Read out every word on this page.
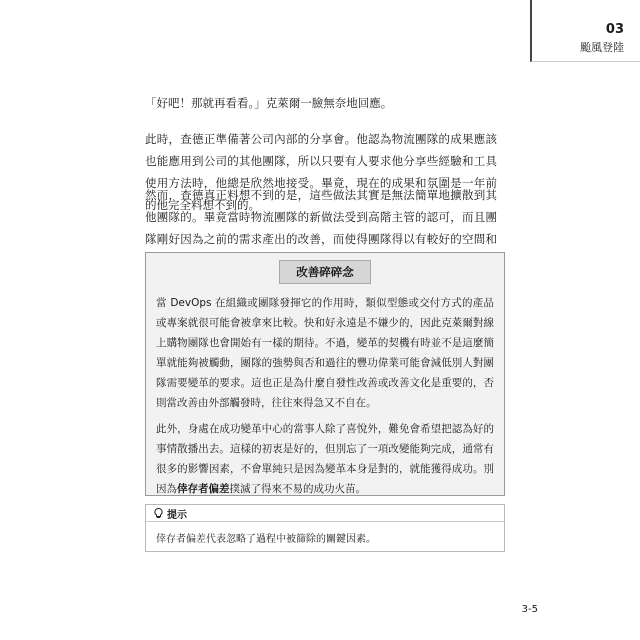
03
颱風登陸
「好吧！那就再看看。」克萊爾一臉無奈地回應。
此時，查德正準備著公司內部的分享會。他認為物流團隊的成果應該也能應用到公司的其他團隊，所以只要有人要求他分享些經驗和工具使用方法時，他總是欣然地接受。畢竟，現在的成果和氛圍是一年前的他完全料想不到的。
然而，查德真正料想不到的是，這些做法其實是無法簡單地擴散到其他團隊的。畢竟當時物流團隊的新做法受到高階主管的認可，而且團隊剛好因為之前的需求產出的改善，而使得團隊得以有較好的空間和
改善碎碎念

當 DevOps 在組織或團隊發揮它的作用時，類似型態或交付方式的產品或專案就很可能會被拿來比較。快和好永遠是不嫌少的，因此克萊爾對線上購物團隊也會開始有一樣的期待。不過，變革的契機有時並不是這麼簡單就能夠被觸動，團隊的強勢與否和過往的豐功偉業可能會減低別人對團隊需要變革的要求。這也正是為什麼自發性改善或改善文化是重要的，否則當改善由外部觸發時，往往來得急又不自在。

此外，身處在成功變革中心的當事人除了喜悅外，難免會希望把認為好的事情散播出去。這樣的初衷是好的，但別忘了一項改變能夠完成，通常有很多的影響因素，不會單純只是因為變革本身是對的，就能獲得成功。別因為倖存者偏差撲滅了得來不易的成功火苗。

提示
倖存者偏差代表忽略了過程中被篩除的關鍵因素。
3-5
